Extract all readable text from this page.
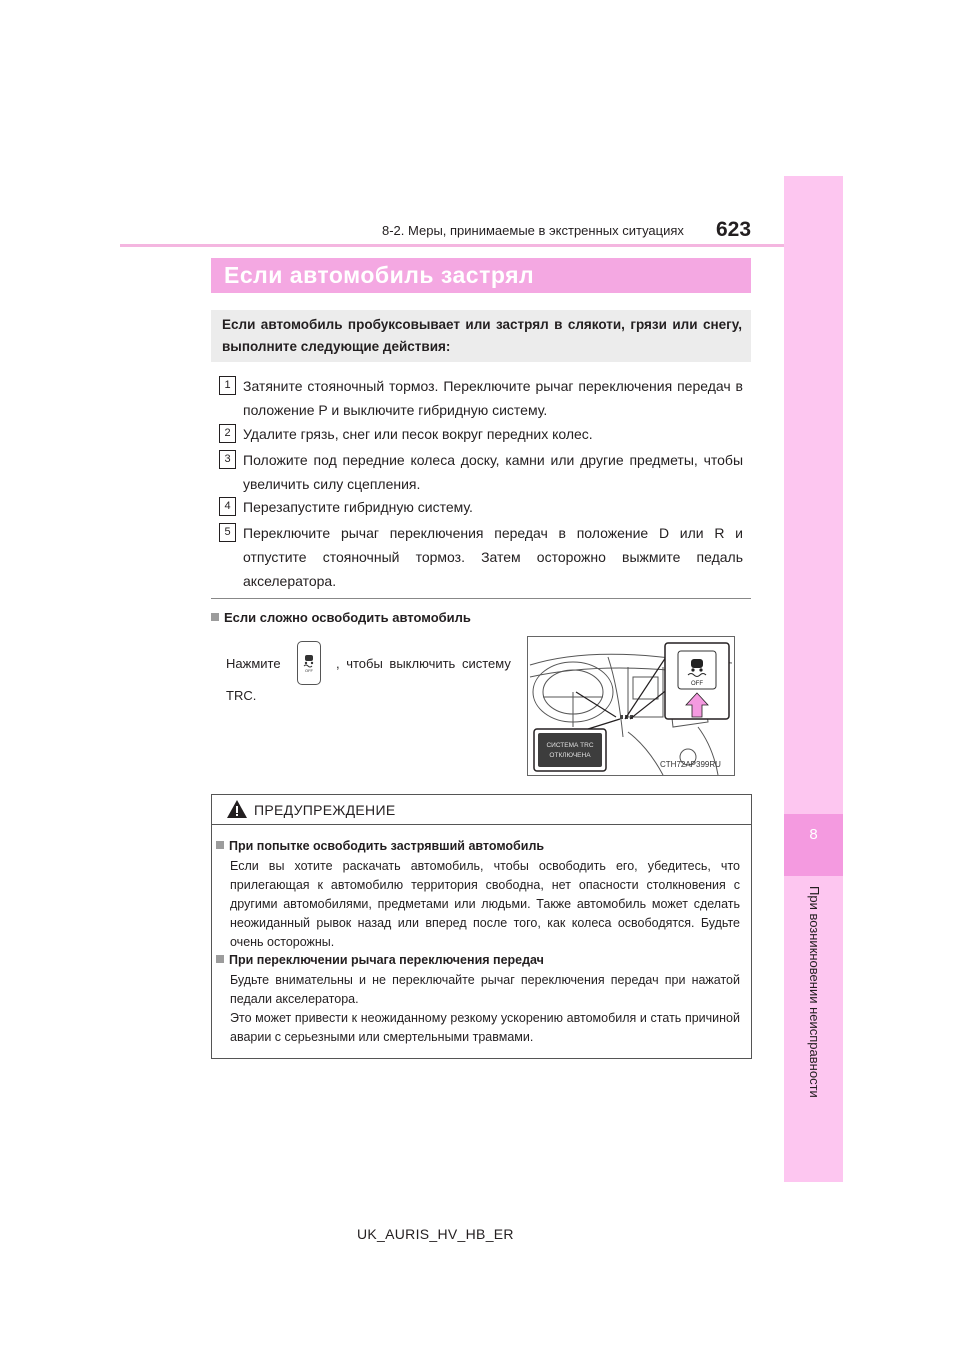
8-2. Меры, принимаемые в экстренных ситуациях 623
8
При возникновении неисправности
Если автомобиль застрял
Если автомобиль пробуксовывает или застрял в слякоти, грязи или снегу, выполните следующие действия:
1 Затяните стояночный тормоз. Переключите рычаг переключения передач в положение P и выключите гибридную систему.
2 Удалите грязь, снег или песок вокруг передних колес.
3 Положите под передние колеса доску, камни или другие предметы, чтобы увеличить силу сцепления.
4 Перезапустите гибридную систему.
5 Переключите рычаг переключения передач в положение D или R и отпустите стояночный тормоз. Затем осторожно выжмите педаль акселератора.
Если сложно освободить автомобиль
Нажмите	OFF , чтобы выключить систему
TRC.
OFF
СИСТЕМА TRC
ОТКЛЮЧЕНА
CTH72AP399RU
ПРЕДУПРЕЖДЕНИЕ
При попытке освободить застрявший автомобиль
Если вы хотите раскачать автомобиль, чтобы освободить его, убедитесь, что прилегающая к автомобилю территория свободна, нет опасности столкновения с другими автомобилями, предметами или людьми. Также автомобиль может сделать неожиданный рывок назад или вперед после того, как колеса освободятся. Будьте очень осторожны.
При переключении рычага переключения передач
Будьте внимательны и не переключайте рычаг переключения передач при нажатой педали акселератора.
Это может привести к неожиданному резкому ускорению автомобиля и стать причиной аварии с серьезными или смертельными травмами.
UK_AURIS_HV_HB_ER
